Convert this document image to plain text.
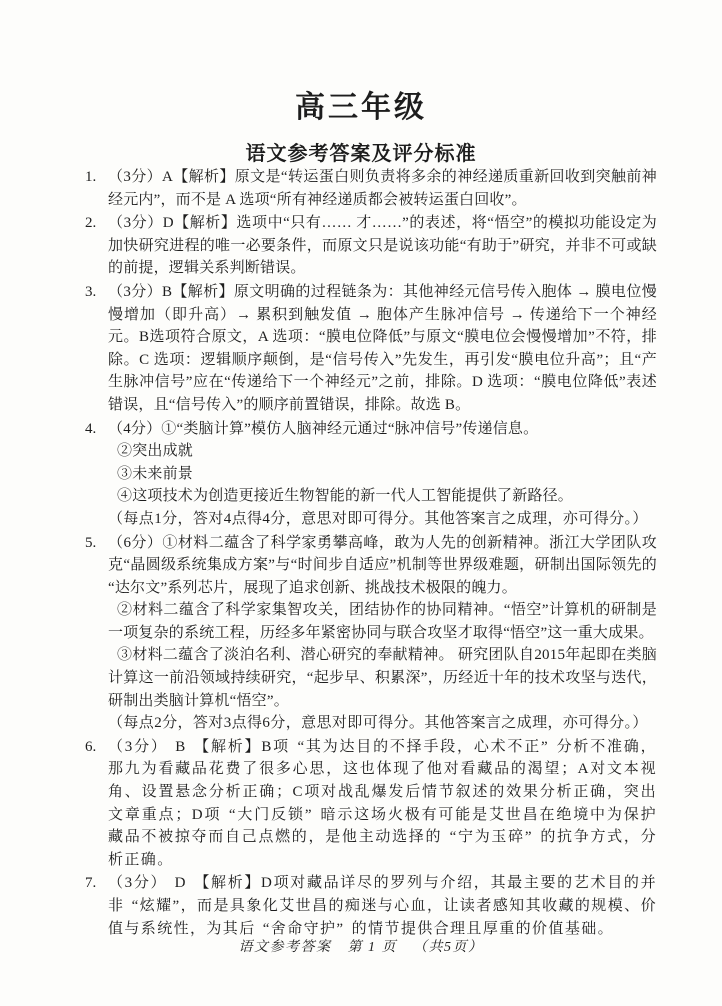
高三年级
语文参考答案及评分标准
1. （3分）A【解析】原文是“转运蛋白则负责将多余的神经递质重新回收到突触前神经元内”，而不是 A 选项“所有神经递质都会被转运蛋白回收”。

2. （3分）D【解析】选项中“只有…… 才……”的表述，将“悟空”的模拟功能设定为加快研究进程的唯一必要条件，而原文只是说该功能“有助于”研究，并非不可或缺的前提，逻辑关系判断错误。

3. （3分）B【解析】原文明确的过程链条为：其他神经元信号传入胞体 → 膜电位慢慢增加（即升高）→ 累积到触发值 → 胞体产生脉冲信号 → 传递给下一个神经元。B选项符合原文，A 选项：“膜电位降低”与原文“膜电位会慢慢增加”不符，排除。C 选项：逻辑顺序颠倒，是“信号传入”先发生，再引发“膜电位升高”；且“产生脉冲信号”应在“传递给下一个神经元”之前，排除。D 选项：“膜电位降低”表述错误，且“信号传入”的顺序前置错误，排除。故选 B。

4. （4分）①“类脑计算”模仿人脑神经元通过“脉冲信号”传递信息。

②突出成就

③未来前景

④这项技术为创造更接近生物智能的新一代人工智能提供了新路径。

（每点1分，答对4点得4分，意思对即可得分。其他答案言之成理，亦可得分。）

5. （6分）①材料二蕴含了科学家勇攀高峰，敢为人先的创新精神。浙江大学团队攻克“晶圆级系统集成方案”与“时间步自适应”机制等世界级难题，研制出国际领先的“达尔文”系列芯片，展现了追求创新、挑战技术极限的魄力。

②材料二蕴含了科学家集智攻关，团结协作的协同精神。“悟空”计算机的研制是一项复杂的系统工程，历经多年紧密协同与联合攻坚才取得“悟空”这一重大成果。

③材料二蕴含了淡泊名利、潜心研究的奉献精神。 研究团队自2015年起即在类脑计算这一前沿领域持续研究，“起步早、积累深”，历经近十年的技术攻坚与迭代，研制出类脑计算机“悟空”。

（每点2分，答对3点得6分，意思对即可得分。其他答案言之成理，亦可得分。）

6. （3分） B 【解析】B项 “其为达目的不择手段，心术不正” 分析不准确，那九为看藏品花费了很多心思，这也体现了他对看藏品的渴望；A对文本视角、设置悬念分析正确；C项对战乱爆发后情节叙述的效果分析正确，突出文章重点；D项 “大门反锁” 暗示这场火极有可能是艾世昌在绝境中为保护藏品不被掠夺而自己点燃的，是他主动选择的 “宁为玉碎” 的抗争方式，分析正确。

7. （3分） D 【解析】D项对藏品详尽的罗列与介绍，其最主要的艺术目的并非 “炫耀”，而是具象化艾世昌的痴迷与心血，让读者感知其收藏的规模、价值与系统性，为其后 “舍命守护” 的情节提供合理且厚重的价值基础。

语文参考答案 第 1 页 （共5页）
